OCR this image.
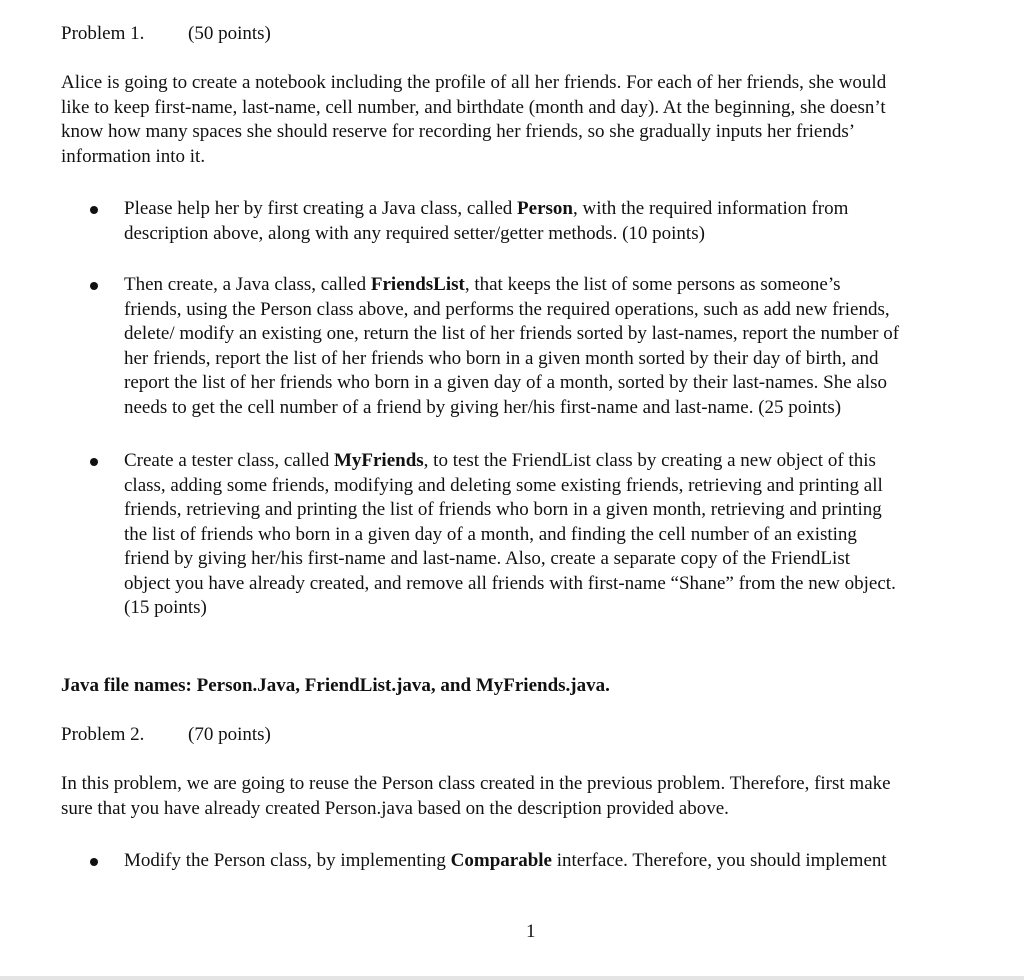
Problem 1. (50 points)
Alice is going to create a notebook including the profile of all her friends. For each of her friends, she would
like to keep first-name, last-name, cell number, and birthdate (month and day). At the beginning, she doesn’t
know how many spaces she should reserve for recording her friends, so she gradually inputs her friends’
information into it.
Please help her by first creating a Java class, called Person, with the required information from
description above, along with any required setter/getter methods. (10 points)
Then create, a Java class, called FriendsList, that keeps the list of some persons as someone’s
friends, using the Person class above, and performs the required operations, such as add new friends,
delete/ modify an existing one, return the list of her friends sorted by last-names, report the number of
her friends, report the list of her friends who born in a given month sorted by their day of birth, and
report the list of her friends who born in a given day of a month, sorted by their last-names. She also
needs to get the cell number of a friend by giving her/his first-name and last-name. (25 points)
Create a tester class, called MyFriends, to test the FriendList class by creating a new object of this
class, adding some friends, modifying and deleting some existing friends, retrieving and printing all
friends, retrieving and printing the list of friends who born in a given month, retrieving and printing
the list of friends who born in a given day of a month, and finding the cell number of an existing
friend by giving her/his first-name and last-name. Also, create a separate copy of the FriendList
object you have already created, and remove all friends with first-name “Shane” from the new object.
(15 points)
Java file names: Person.Java, FriendList.java, and MyFriends.java.
Problem 2. (70 points)
In this problem, we are going to reuse the Person class created in the previous problem. Therefore, first make
sure that you have already created Person.java based on the description provided above.
Modify the Person class, by implementing Comparable interface. Therefore, you should implement
1
